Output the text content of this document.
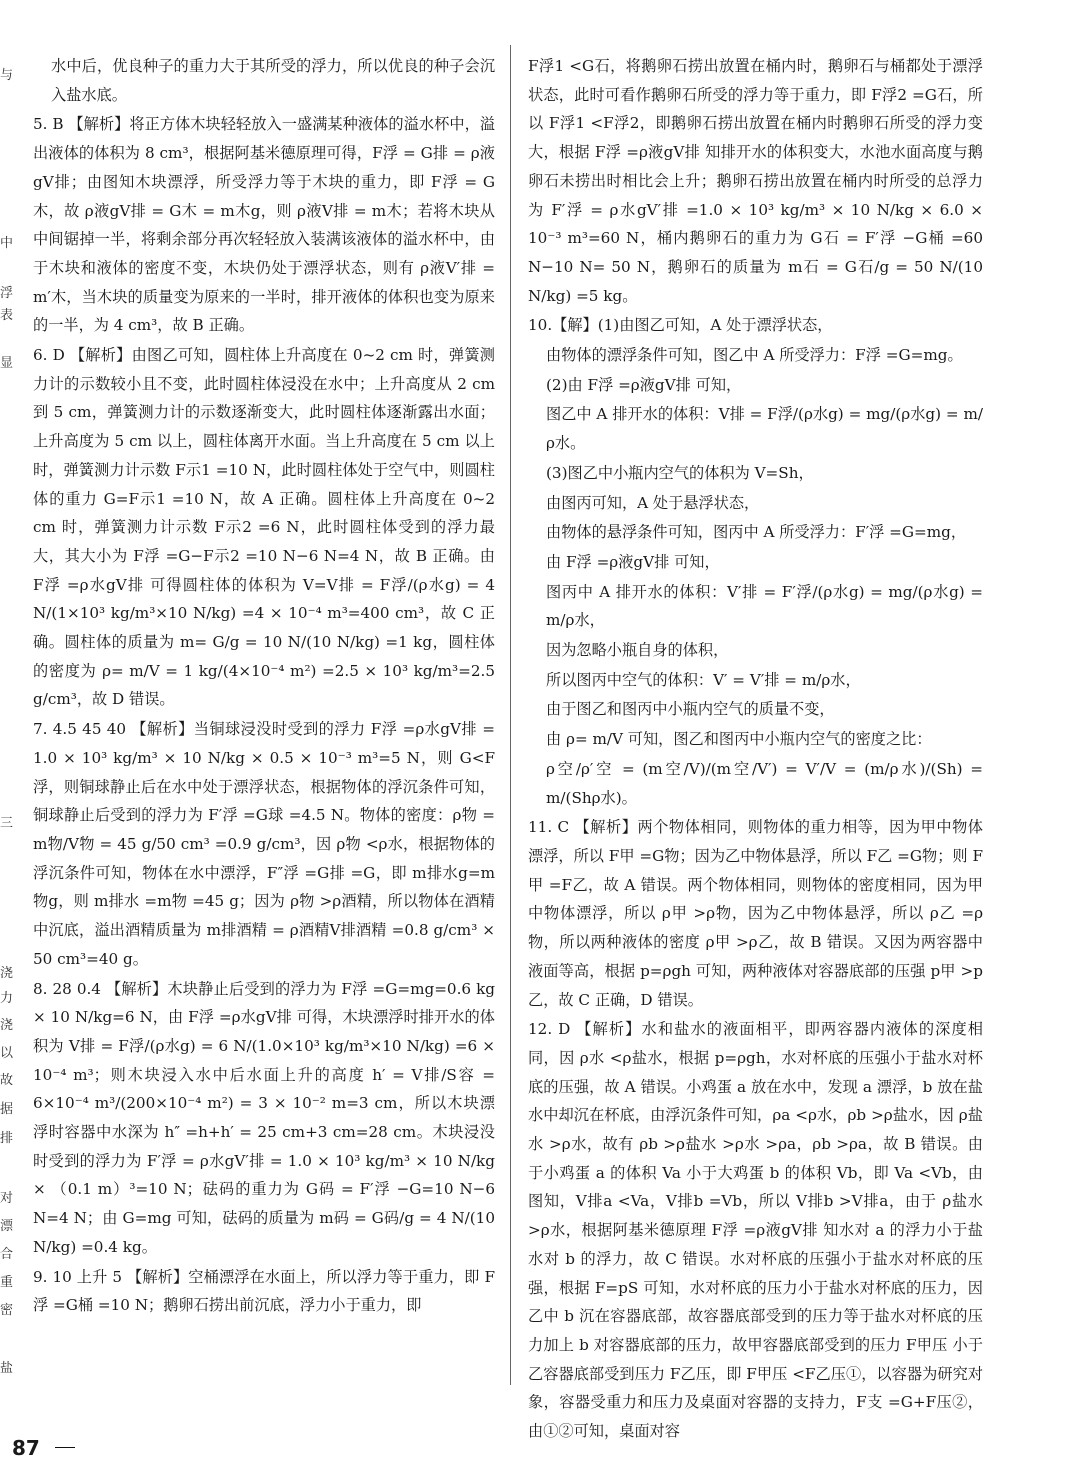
与
中
浮
表
显
三
浇
力
浇
以
故
据
排
对
漂
合
重
密
盐

水中后，优良种子的重力大于其所受的浮力，所以优良的种子会沉入盐水底。

5. B 【解析】将正方体木块轻轻放入一盛满某种液体的溢水杯中，溢出液体的体积为 8 cm³，根据阿基米德原理可得，F浮 = G排 = ρ液gV排；由图知木块漂浮，所受浮力等于木块的重力，即 F浮 = G木，故 ρ液gV排 = G木 = m木g，则 ρ液V排 = m木；若将木块从中间锯掉一半，将剩余部分再次轻轻放入装满该液体的溢水杯中，由于木块和液体的密度不变，木块仍处于漂浮状态，则有 ρ液V′排 = m′木，当木块的质量变为原来的一半时，排开液体的体积也变为原来的一半，为 4 cm³，故 B 正确。

6. D 【解析】由图乙可知，圆柱体上升高度在 0~2 cm 时，弹簧测力计的示数较小且不变，此时圆柱体浸没在水中；上升高度从 2 cm 到 5 cm，弹簧测力计的示数逐渐变大，此时圆柱体逐渐露出水面；上升高度为 5 cm 以上，圆柱体离开水面。当上升高度在 5 cm 以上时，弹簧测力计示数 F示1 =10 N，此时圆柱体处于空气中，则圆柱体的重力 G=F示1 =10 N，故 A 正确。圆柱体上升高度在 0~2 cm 时，弹簧测力计示数 F示2 =6 N，此时圆柱体受到的浮力最大，其大小为 F浮 =G−F示2 =10 N−6 N=4 N，故 B 正确。由 F浮 =ρ水gV排 可得圆柱体的体积为 V=V排 = F浮/(ρ水g) = 4 N/(1×10³ kg/m³×10 N/kg) =4 × 10⁻⁴ m³=400 cm³，故 C 正确。圆柱体的质量为 m= G/g = 10 N/(10 N/kg) =1 kg，圆柱体的密度为 ρ= m/V = 1 kg/(4×10⁻⁴ m²) =2.5 × 10³ kg/m³=2.5 g/cm³，故 D 错误。

7. 4.5 45 40 【解析】当铜球浸没时受到的浮力 F浮 =ρ水gV排 = 1.0 × 10³ kg/m³ × 10 N/kg × 0.5 × 10⁻³ m³=5 N，则 G<F浮，则铜球静止后在水中处于漂浮状态，根据物体的浮沉条件可知，铜球静止后受到的浮力为 F′浮 =G球 =4.5 N。物体的密度：ρ物 = m物/V物 = 45 g/50 cm³ =0.9 g/cm³，因 ρ物 <ρ水，根据物体的浮沉条件可知，物体在水中漂浮，F″浮 =G排 =G，即 m排水g=m物g，则 m排水 =m物 =45 g；因为 ρ物 >ρ酒精，所以物体在酒精中沉底，溢出酒精质量为 m排酒精 = ρ酒精V排酒精 =0.8 g/cm³ × 50 cm³=40 g。

8. 28 0.4 【解析】木块静止后受到的浮力为 F浮 =G=mg=0.6 kg × 10 N/kg=6 N，由 F浮 =ρ水gV排 可得，木块漂浮时排开水的体积为 V排 = F浮/(ρ水g) = 6 N/(1.0×10³ kg/m³×10 N/kg) =6 × 10⁻⁴ m³；则木块浸入水中后水面上升的高度 h′ = V排/S容 = 6×10⁻⁴ m³/(200×10⁻⁴ m²) = 3 × 10⁻² m=3 cm，所以木块漂浮时容器中水深为 h″ =h+h′ = 25 cm+3 cm=28 cm。木块浸没时受到的浮力为 F′浮 = ρ水gV′排 = 1.0 × 10³ kg/m³ × 10 N/kg × （0.1 m）³=10 N；砝码的重力为 G码 = F′浮 −G=10 N−6 N=4 N；由 G=mg 可知，砝码的质量为 m码 = G码/g = 4 N/(10 N/kg) =0.4 kg。

9. 10 上升 5 【解析】空桶漂浮在水面上，所以浮力等于重力，即 F浮 =G桶 =10 N；鹅卵石捞出前沉底，浮力小于重力，即

F浮1 <G石，将鹅卵石捞出放置在桶内时，鹅卵石与桶都处于漂浮状态，此时可看作鹅卵石所受的浮力等于重力，即 F浮2 =G石，所以 F浮1 <F浮2，即鹅卵石捞出放置在桶内时鹅卵石所受的浮力变大，根据 F浮 =ρ液gV排 知排开水的体积变大，水池水面高度与鹅卵石未捞出时相比会上升；鹅卵石捞出放置在桶内时所受的总浮力为 F′浮 = ρ水gV′排 =1.0 × 10³ kg/m³ × 10 N/kg × 6.0 × 10⁻³ m³=60 N，桶内鹅卵石的重力为 G石 = F′浮 −G桶 =60 N−10 N= 50 N，鹅卵石的质量为 m石 = G石/g = 50 N/(10 N/kg) =5 kg。

10.【解】(1)由图乙可知，A 处于漂浮状态，

由物体的漂浮条件可知，图乙中 A 所受浮力：F浮 =G=mg。

(2)由 F浮 =ρ液gV排 可知，

图乙中 A 排开水的体积：V排 = F浮/(ρ水g) = mg/(ρ水g) = m/ρ水。

(3)图乙中小瓶内空气的体积为 V=Sh，

由图丙可知，A 处于悬浮状态，

由物体的悬浮条件可知，图丙中 A 所受浮力：F′浮 =G=mg，

由 F浮 =ρ液gV排 可知，

图丙中 A 排开水的体积：V′排 = F′浮/(ρ水g) = mg/(ρ水g) = m/ρ水，

因为忽略小瓶自身的体积，

所以图丙中空气的体积：V′ = V′排 = m/ρ水，

由于图乙和图丙中小瓶内空气的质量不变，

由 ρ= m/V 可知，图乙和图丙中小瓶内空气的密度之比：

ρ空/ρ′空 = (m空/V)/(m空/V′) = V′/V = (m/ρ水)/(Sh) = m/(Shρ水)。

11. C 【解析】两个物体相同，则物体的重力相等，因为甲中物体漂浮，所以 F甲 =G物；因为乙中物体悬浮，所以 F乙 =G物；则 F甲 =F乙，故 A 错误。两个物体相同，则物体的密度相同，因为甲中物体漂浮，所以 ρ甲 >ρ物，因为乙中物体悬浮，所以 ρ乙 =ρ物，所以两种液体的密度 ρ甲 >ρ乙，故 B 错误。又因为两容器中液面等高，根据 p=ρgh 可知，两种液体对容器底部的压强 p甲 >p乙，故 C 正确，D 错误。

12. D 【解析】水和盐水的液面相平，即两容器内液体的深度相同，因 ρ水 <ρ盐水，根据 p=ρgh，水对杯底的压强小于盐水对杯底的压强，故 A 错误。小鸡蛋 a 放在水中，发现 a 漂浮，b 放在盐水中却沉在杯底，由浮沉条件可知，ρa <ρ水，ρb >ρ盐水，因 ρ盐水 >ρ水，故有 ρb >ρ盐水 >ρ水 >ρa，ρb >ρa，故 B 错误。由于小鸡蛋 a 的体积 Va 小于大鸡蛋 b 的体积 Vb，即 Va <Vb，由图知，V排a <Va，V排b =Vb，所以 V排b >V排a，由于 ρ盐水 >ρ水，根据阿基米德原理 F浮 =ρ液gV排 知水对 a 的浮力小于盐水对 b 的浮力，故 C 错误。水对杯底的压强小于盐水对杯底的压强，根据 F=pS 可知，水对杯底的压力小于盐水对杯底的压力，因乙中 b 沉在容器底部，故容器底部受到的压力等于盐水对杯底的压力加上 b 对容器底部的压力，故甲容器底部受到的压力 F甲压 小于乙容器底部受到压力 F乙压，即 F甲压 <F乙压①，以容器为研究对象，容器受重力和压力及桌面对容器的支持力，F支 =G+F压②，由①②可知，桌面对容

87
